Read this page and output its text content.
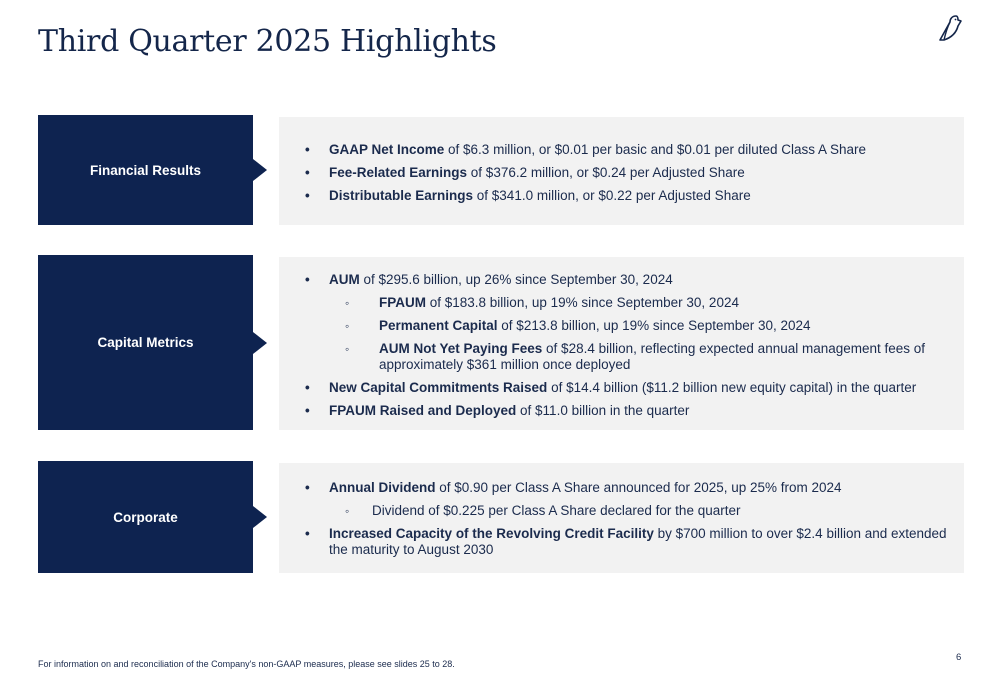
Third Quarter 2025 Highlights
Financial Results
• GAAP Net Income of $6.3 million, or $0.01 per basic and $0.01 per diluted Class A Share
• Fee-Related Earnings of $376.2 million, or $0.24 per Adjusted Share
• Distributable Earnings of $341.0 million, or $0.22 per Adjusted Share
Capital Metrics
• AUM of $295.6 billion, up 26% since September 30, 2024
◦ FPAUM of $183.8 billion, up 19% since September 30, 2024
◦ Permanent Capital of $213.8 billion, up 19% since September 30, 2024
◦ AUM Not Yet Paying Fees of $28.4 billion, reflecting expected annual management fees of approximately $361 million once deployed
• New Capital Commitments Raised of $14.4 billion ($11.2 billion new equity capital) in the quarter
• FPAUM Raised and Deployed of $11.0 billion in the quarter
Corporate
• Annual Dividend of $0.90 per Class A Share announced for 2025, up 25% from 2024
◦ Dividend of $0.225 per Class A Share declared for the quarter
• Increased Capacity of the Revolving Credit Facility by $700 million to over $2.4 billion and extended the maturity to August 2030
For information on and reconciliation of the Company's non-GAAP measures, please see slides 25 to 28.
6
